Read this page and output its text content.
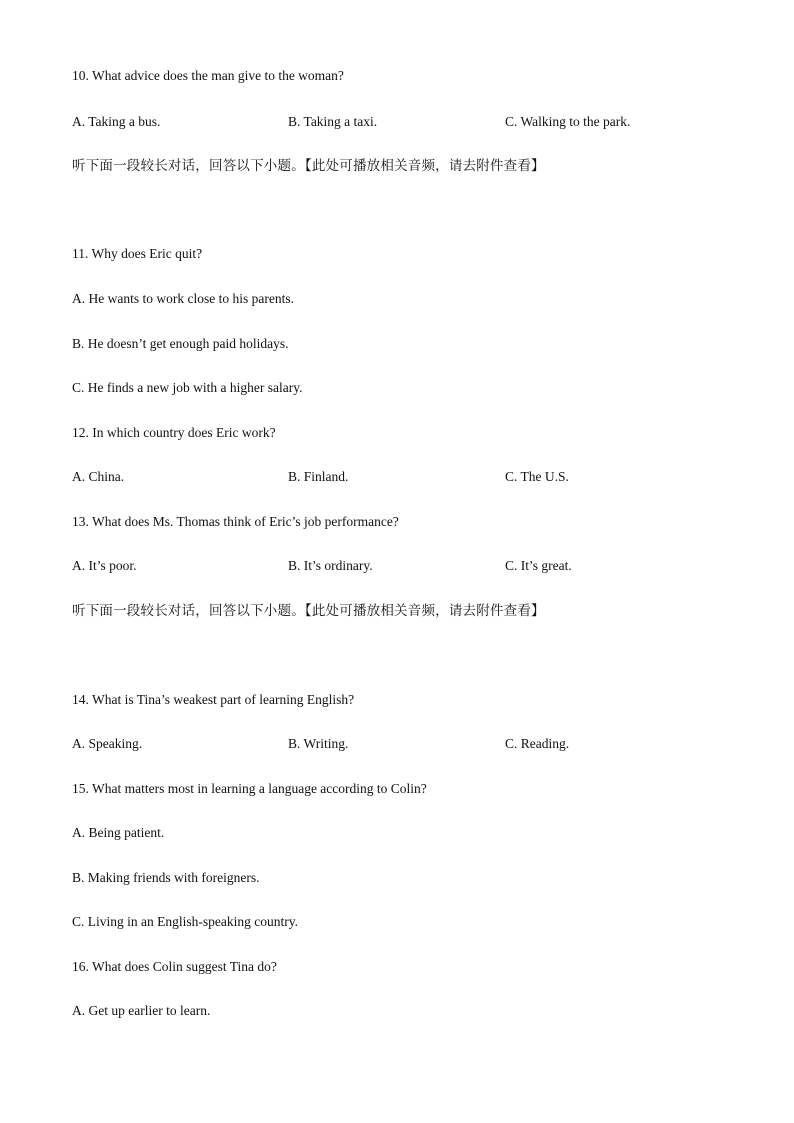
10. What advice does the man give to the woman?
A. Taking a bus.	B. Taking a taxi.	C. Walking to the park.
听下面一段较长对话，回答以下小题。【此处可播放相关音频，请去附件查看】
11. Why does Eric quit?
A. He wants to work close to his parents.
B. He doesn’t get enough paid holidays.
C. He finds a new job with a higher salary.
12. In which country does Eric work?
A. China.	B. Finland.	C. The U.S.
13. What does Ms. Thomas think of Eric’s job performance?
A. It’s poor.	B. It’s ordinary.	C. It’s great.
听下面一段较长对话，回答以下小题。【此处可播放相关音频，请去附件查看】
14. What is Tina’s weakest part of learning English?
A. Speaking.	B. Writing.	C. Reading.
15. What matters most in learning a language according to Colin?
A. Being patient.
B. Making friends with foreigners.
C. Living in an English-speaking country.
16. What does Colin suggest Tina do?
A. Get up earlier to learn.
